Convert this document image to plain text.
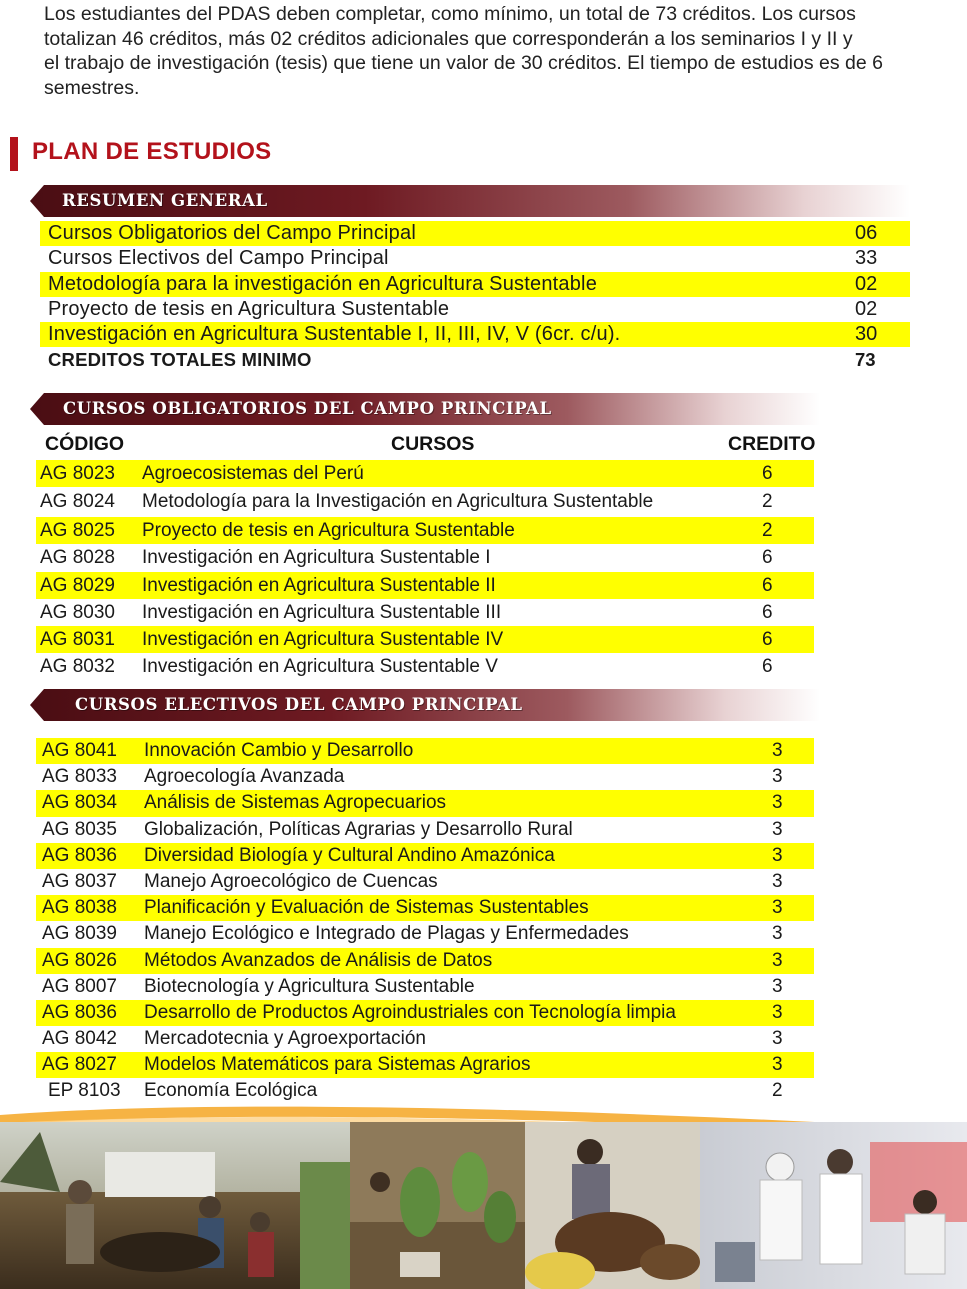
Los estudiantes del PDAS deben completar, como mínimo, un total de 73 créditos. Los cursos

totalizan 46 créditos, más 02 créditos adicionales que corresponderán a los seminarios I y II y

el trabajo de investigación (tesis) que tiene un valor de 30 créditos. El tiempo de estudios es de 6

semestres.

PLAN DE ESTUDIOS
RESUMEN GENERAL
Cursos Obligatorios del Campo Principal	06
Cursos Electivos del Campo Principal	33
Metodología para la investigación en Agricultura Sustentable	02
Proyecto de tesis en Agricultura Sustentable	02
Investigación en Agricultura Sustentable I, II, III, IV, V (6cr. c/u).	30
CREDITOS TOTALES MINIMO	73
CURSOS OBLIGATORIOS DEL CAMPO PRINCIPAL
CÓDIGO	CURSOS	CREDITO
AG 8023 Agroecosistemas del Perú	6
AG 8024 Metodología para la Investigación en Agricultura Sustentable	2
AG 8025 Proyecto de tesis en Agricultura Sustentable	2
AG 8028 Investigación en Agricultura Sustentable I	6
AG 8029 Investigación en Agricultura Sustentable II	6
AG 8030 Investigación en Agricultura Sustentable III	6
AG 8031 Investigación en Agricultura Sustentable IV	6
AG 8032 Investigación en Agricultura Sustentable V	6
CURSOS ELECTIVOS DEL CAMPO PRINCIPAL
AG 8041 Innovación Cambio y Desarrollo	3
AG 8033 Agroecología Avanzada	3
AG 8034 Análisis de Sistemas Agropecuarios	3
AG 8035 Globalización, Políticas Agrarias y Desarrollo Rural	3
AG 8036 Diversidad Biología y Cultural Andino Amazónica	3
AG 8037 Manejo Agroecológico de Cuencas	3
AG 8038 Planificación y Evaluación de Sistemas Sustentables	3
AG 8039 Manejo Ecológico e Integrado de Plagas y Enfermedades	3
AG 8026 Métodos Avanzados de Análisis de Datos	3
AG 8007 Biotecnología y Agricultura Sustentable	3
AG 8036 Desarrollo de Productos Agroindustriales con Tecnología limpia	3
AG 8042 Mercadotecnia y Agroexportación	3
AG 8027 Modelos Matemáticos para Sistemas Agrarios	3
EP 8103 Economía Ecológica	2
